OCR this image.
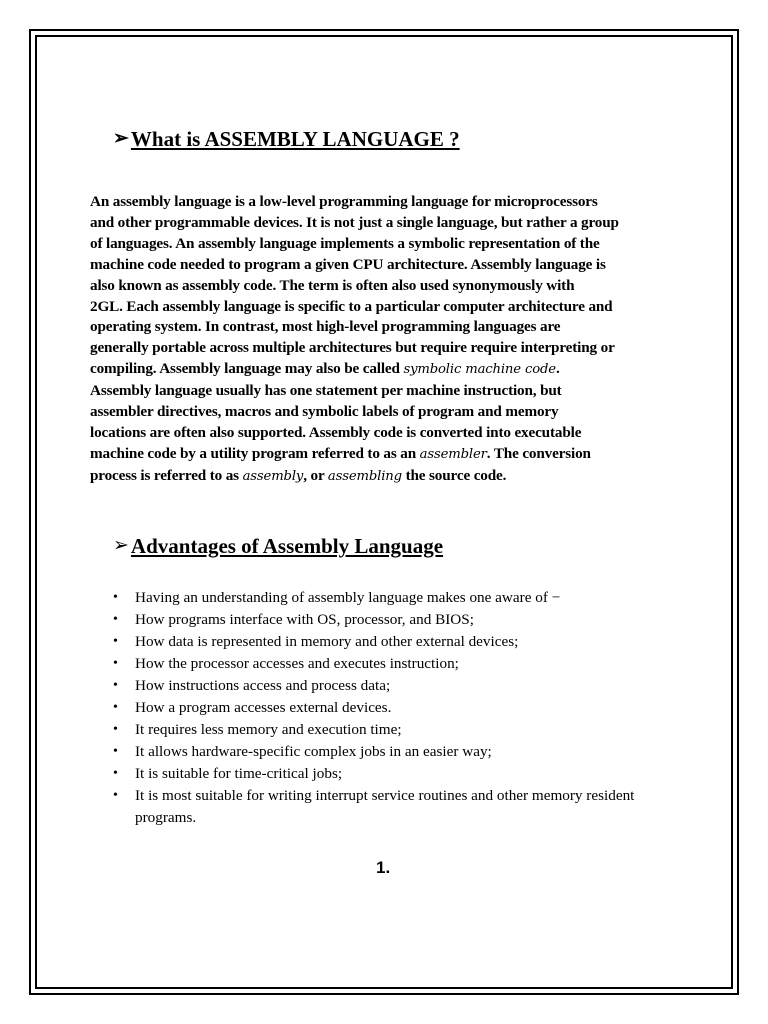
➢ What is ASSEMBLY LANGUAGE ?
An assembly language is a low-level programming language for microprocessors
and other programmable devices. It is not just a single language, but rather a group
of languages. An assembly language implements a symbolic representation of the
machine code needed to program a given CPU architecture. Assembly language is
also known as assembly code. The term is often also used synonymously with
2GL. Each assembly language is specific to a particular computer architecture and
operating system. In contrast, most high-level programming languages are
generally portable across multiple architectures but require require interpreting or
compiling. Assembly language may also be called symbolic machine code.
Assembly language usually has one statement per machine instruction, but
assembler directives, macros and symbolic labels of program and memory
locations are often also supported. Assembly code is converted into executable
machine code by a utility program referred to as an assembler. The conversion
process is referred to as assembly, or assembling the source code.
➢ Advantages of Assembly Language
• Having an understanding of assembly language makes one aware of −
• How programs interface with OS, processor, and BIOS;
• How data is represented in memory and other external devices;
• How the processor accesses and executes instruction;
• How instructions access and process data;
• How a program accesses external devices.
• It requires less memory and execution time;
• It allows hardware-specific complex jobs in an easier way;
• It is suitable for time-critical jobs;
• It is most suitable for writing interrupt service routines and other memory resident programs.
1.
